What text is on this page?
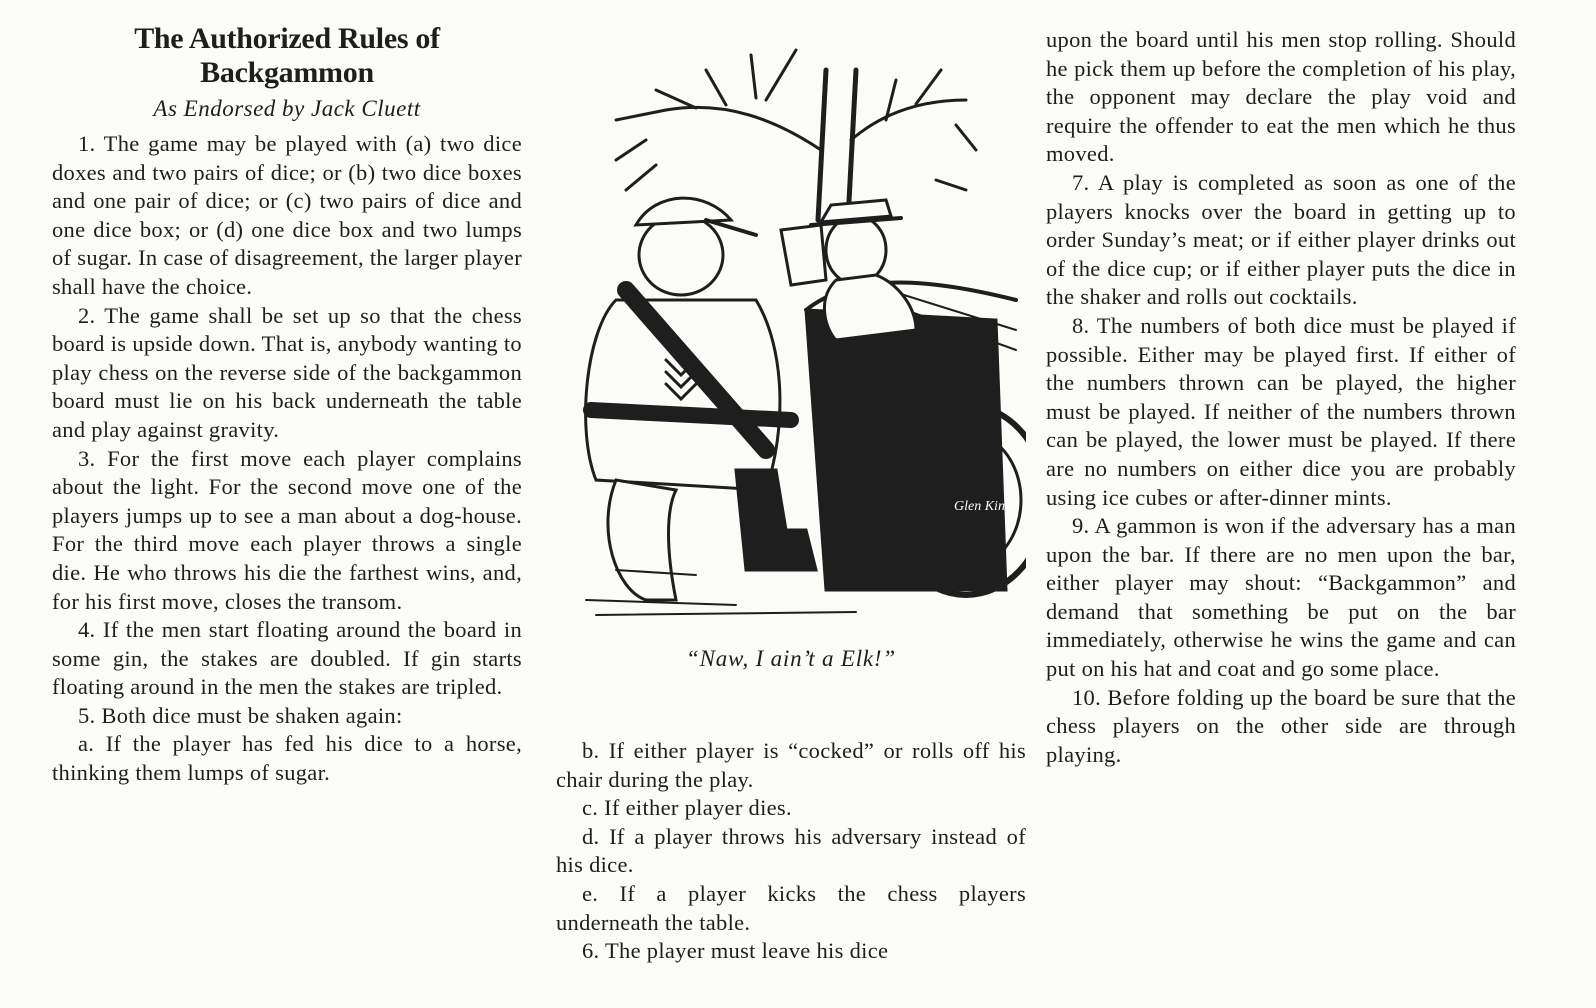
The Authorized Rules of
Backgammon
As Endorsed by Jack Cluett

1. The game may be played with (a) two dice doxes and two pairs of dice; or (b) two dice boxes and one pair of dice; or (c) two pairs of dice and one dice box; or (d) one dice box and two lumps of sugar. In case of disagreement, the larger player shall have the choice.

2. The game shall be set up so that the chess board is upside down. That is, anybody wanting to play chess on the reverse side of the backgammon board must lie on his back underneath the table and play against gravity.

3. For the first move each player complains about the light. For the second move one of the players jumps up to see a man about a dog-house. For the third move each player throws a single die. He who throws his die the farthest wins, and, for his first move, closes the transom.

4. If the men start floating around the board in some gin, the stakes are doubled. If gin starts floating around in the men the stakes are tripled.

5. Both dice must be shaken again:

a. If the player has fed his dice to a horse, thinking them lumps of sugar.

Glen King
“Naw, I ain’t a Elk!”

b. If either player is “cocked” or rolls off his chair during the play.

c. If either player dies.

d. If a player throws his adversary instead of his dice.

e. If a player kicks the chess players underneath the table.

6. The player must leave his dice

upon the board until his men stop rolling. Should he pick them up before the completion of his play, the opponent may declare the play void and require the offender to eat the men which he thus moved.

7. A play is completed as soon as one of the players knocks over the board in getting up to order Sunday’s meat; or if either player drinks out of the dice cup; or if either player puts the dice in the shaker and rolls out cocktails.

8. The numbers of both dice must be played if possible. Either may be played first. If either of the numbers thrown can be played, the higher must be played. If neither of the numbers thrown can be played, the lower must be played. If there are no numbers on either dice you are probably using ice cubes or after-dinner mints.

9. A gammon is won if the adversary has a man upon the bar. If there are no men upon the bar, either player may shout: “Backgammon” and demand that something be put on the bar immediately, otherwise he wins the game and can put on his hat and coat and go some place.

10. Before folding up the board be sure that the chess players on the other side are through playing.
